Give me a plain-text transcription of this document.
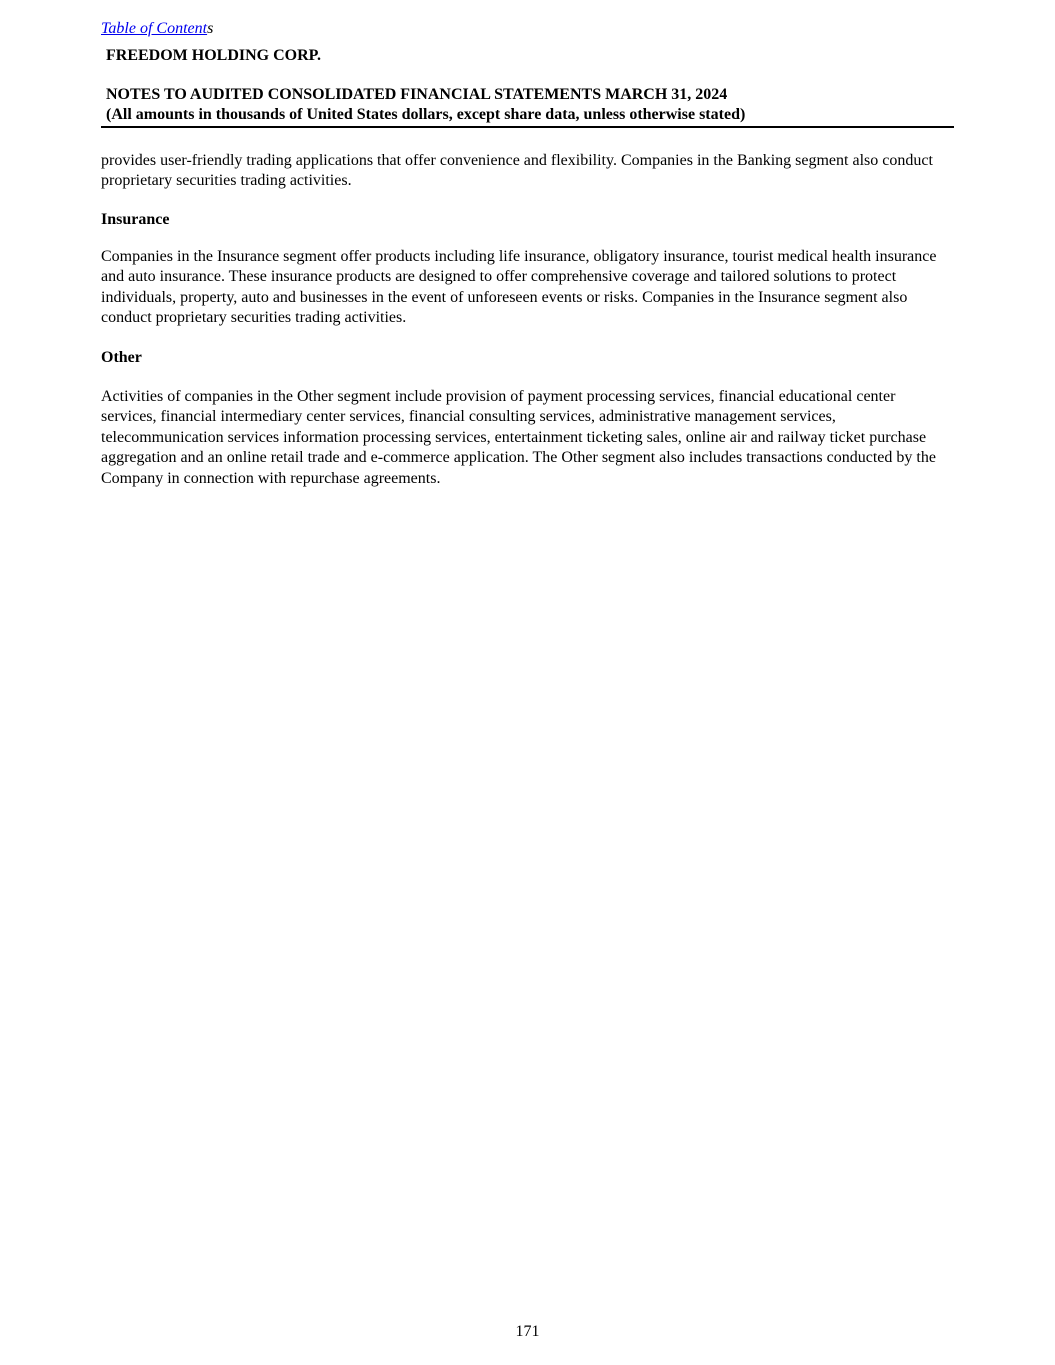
Table of Contents
FREEDOM HOLDING CORP.
NOTES TO AUDITED CONSOLIDATED FINANCIAL STATEMENTS MARCH 31, 2024
(All amounts in thousands of United States dollars, except share data, unless otherwise stated)

provides user-friendly trading applications that offer convenience and flexibility. Companies in the Banking segment also conduct proprietary securities trading activities.

Insurance

Companies in the Insurance segment offer products including life insurance, obligatory insurance, tourist medical health insurance and auto insurance. These insurance products are designed to offer comprehensive coverage and tailored solutions to protect individuals, property, auto and businesses in the event of unforeseen events or risks. Companies in the Insurance segment also conduct proprietary securities trading activities.

Other

Activities of companies in the Other segment include provision of payment processing services, financial educational center services, financial intermediary center services, financial consulting services, administrative management services, telecommunication services information processing services, entertainment ticketing sales, online air and railway ticket purchase aggregation and an online retail trade and e-commerce application. The Other segment also includes transactions conducted by the Company in connection with repurchase agreements.

171
